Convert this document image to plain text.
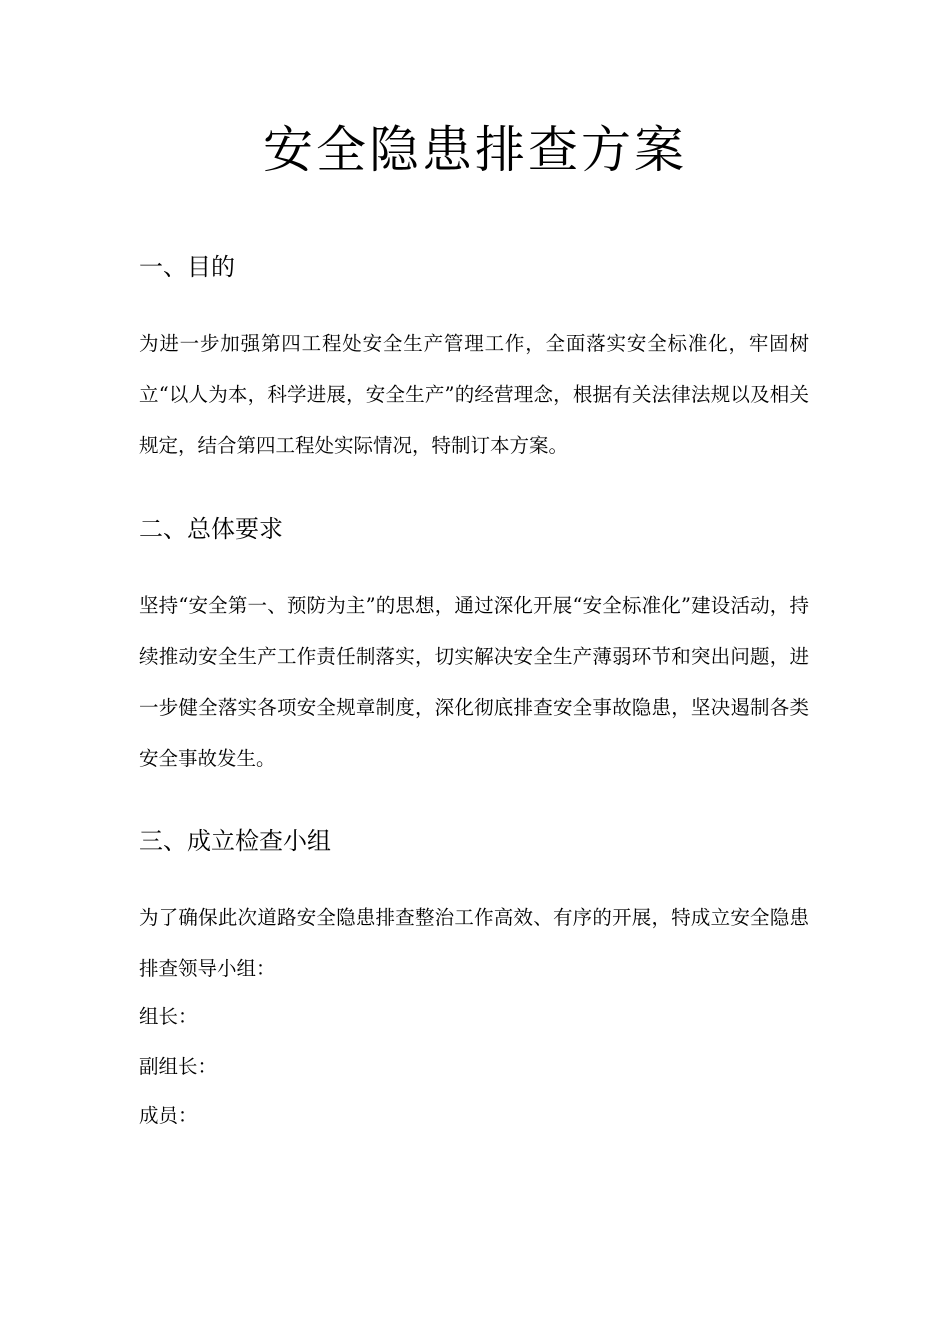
安全隐患排查方案
一、目的

为进一步加强第四工程处安全生产管理工作，全面落实安全标准化，牢固树立“以人为本，科学进展，安全生产”的经营理念，根据有关法律法规以及相关规定，结合第四工程处实际情况，特制订本方案。

二、总体要求

坚持“安全第一、预防为主”的思想，通过深化开展“安全标准化”建设活动，持续推动安全生产工作责任制落实，切实解决安全生产薄弱环节和突出问题，进一步健全落实各项安全规章制度，深化彻底排查安全事故隐患，坚决遏制各类安全事故发生。

三、成立检查小组

为了确保此次道路安全隐患排查整治工作高效、有序的开展，特成立安全隐患排查领导小组：

组长：

副组长：

成员：
